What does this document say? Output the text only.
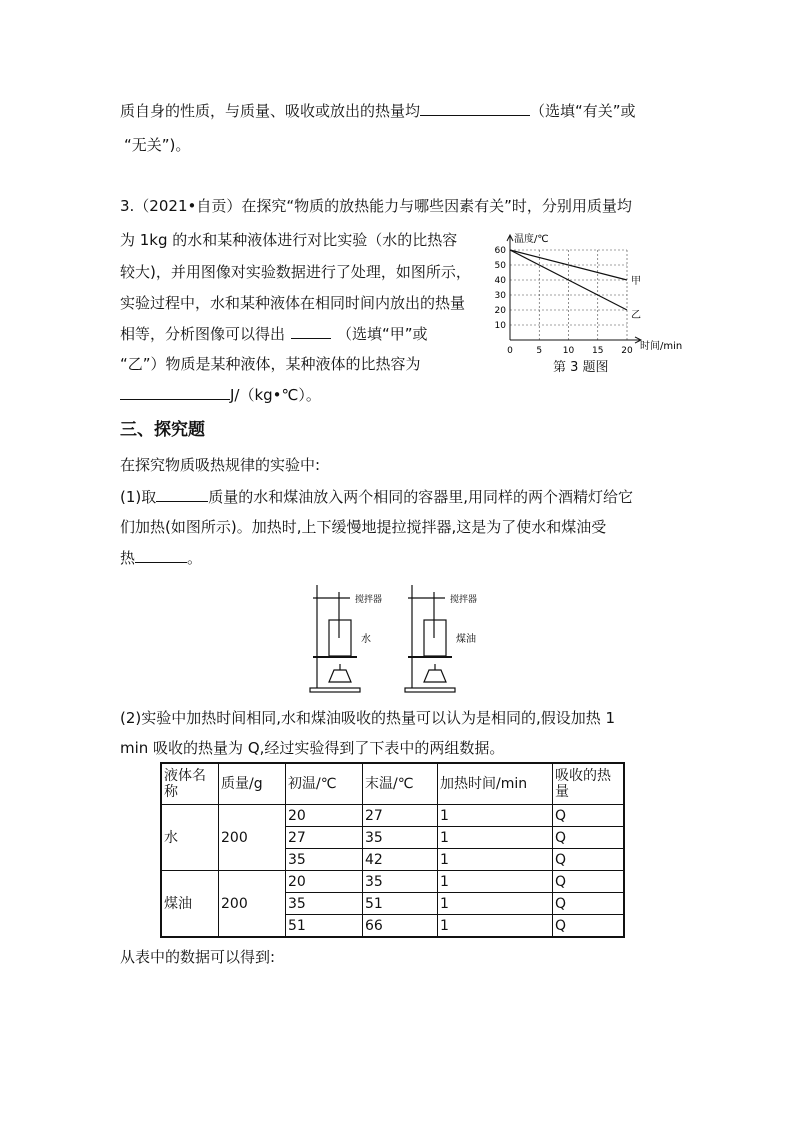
质自身的性质，与质量、吸收或放出的热量均	（选填“有关”或
“无关”)。
3.（2021•自贡）在探究“物质的放热能力与哪些因素有关”时，分别用质量均
为 1kg 的水和某种液体进行对比实验（水的比热容
较大)，并用图像对实验数据进行了处理，如图所示，
实验过程中，水和某种液体在相同时间内放出的热量
相等，分析图像可以得出	（选填“甲”或
“乙”）物质是某种液体，某种液体的比热容为
J/（kg•℃）。
温度/℃
时间/min
10
20
30
40
50
60
0	5 10 15 20
甲
乙
第 3 题图
三、探究题
在探究物质吸热规律的实验中:
(1)取	质量的水和煤油放入两个相同的容器里,用同样的两个酒精灯给它
们加热(如图所示)。加热时,上下缓慢地提拉搅拌器,这是为了使水和煤油受
热	。
搅拌器
水
搅拌器
煤油
(2)实验中加热时间相同,水和煤油吸收的热量可以认为是相同的,假设加热 1
min 吸收的热量为 Q,经过实验得到了下表中的两组数据。
液体名称	质量/g	初温/℃	末温/℃	加热时间/min	吸收的热量
水	200	20	27	1	Q
		27	35	1	Q
		35	42	1	Q
煤油	200	20	35	1	Q
		35	51	1	Q
		51	66	1	Q
从表中的数据可以得到:
